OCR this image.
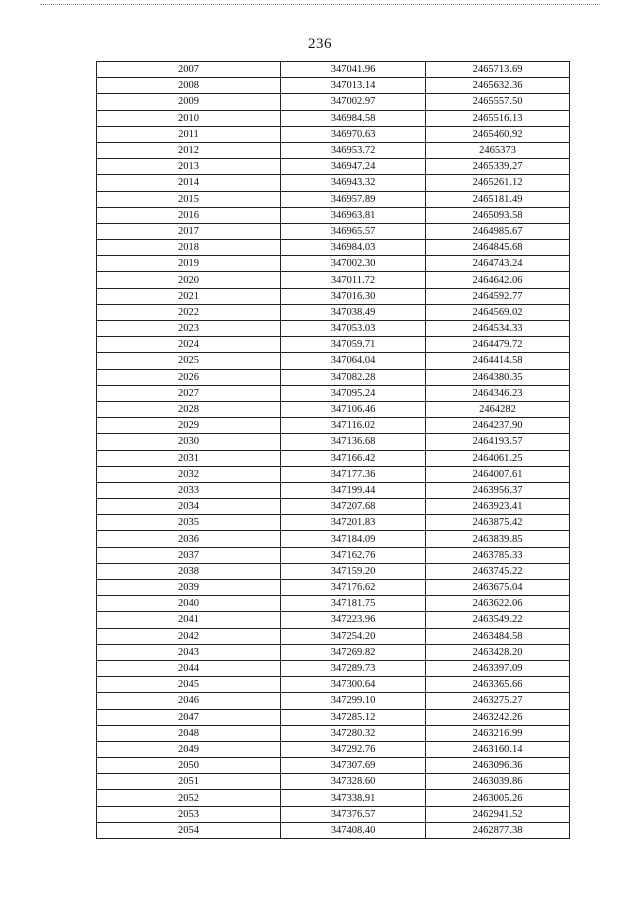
236
2007	347041.96	2465713.69
2008	347013.14	2465632.36
2009	347002.97	2465557.50
2010	346984.58	2465516.13
2011	346970.63	2465460.92
2012	346953.72	2465373
2013	346947.24	2465339.27
2014	346943.32	2465261.12
2015	346957.89	2465181.49
2016	346963.81	2465093.58
2017	346965.57	2464985.67
2018	346984.03	2464845.68
2019	347002.30	2464743.24
2020	347011.72	2464642.06
2021	347016.30	2464592.77
2022	347038.49	2464569.02
2023	347053.03	2464534.33
2024	347059.71	2464479.72
2025	347064.04	2464414.58
2026	347082.28	2464380.35
2027	347095.24	2464346.23
2028	347106.46	2464282
2029	347116.02	2464237.90
2030	347136.68	2464193.57
2031	347166.42	2464061.25
2032	347177.36	2464007.61
2033	347199.44	2463956.37
2034	347207.68	2463923.41
2035	347201.83	2463875.42
2036	347184.09	2463839.85
2037	347162.76	2463785.33
2038	347159.20	2463745.22
2039	347176.62	2463675.04
2040	347181.75	2463622.06
2041	347223.96	2463549.22
2042	347254.20	2463484.58
2043	347269.82	2463428.20
2044	347289.73	2463397.09
2045	347300.64	2463365.66
2046	347299.10	2463275.27
2047	347285.12	2463242.26
2048	347280.32	2463216.99
2049	347292.76	2463160.14
2050	347307.69	2463096.36
2051	347328.60	2463039.86
2052	347338.91	2463005.26
2053	347376.57	2462941.52
2054	347408.40	2462877.38
